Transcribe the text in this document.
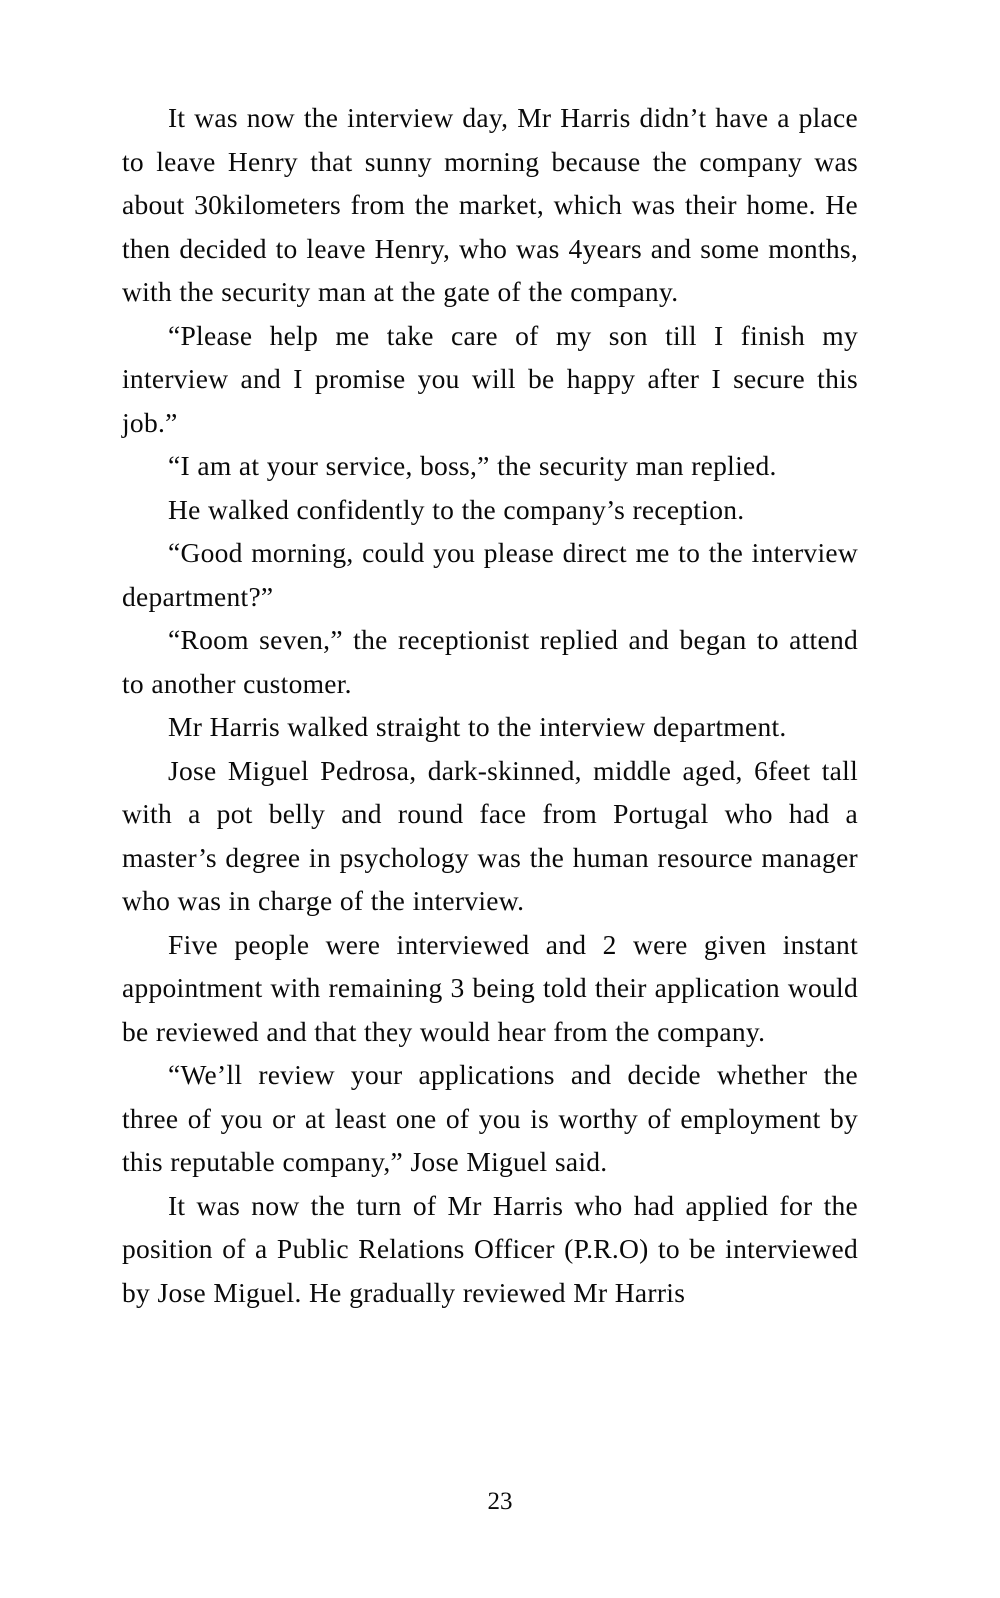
It was now the interview day, Mr Harris didn’t have a place to leave Henry that sunny morning because the company was about 30kilometers from the market, which was their home. He then decided to leave Henry, who was 4years and some months, with the security man at the gate of the company.

“Please help me take care of my son till I finish my interview and I promise you will be happy after I secure this job.”

“I am at your service, boss,” the security man replied.

He walked confidently to the company’s reception.

“Good morning, could you please direct me to the interview department?”

“Room seven,” the receptionist replied and began to attend to another customer.

Mr Harris walked straight to the interview department.

Jose Miguel Pedrosa, dark-skinned, middle aged, 6feet tall with a pot belly and round face from Portugal who had a master’s degree in psychology was the human resource manager who was in charge of the interview.

Five people were interviewed and 2 were given instant appointment with remaining 3 being told their application would be reviewed and that they would hear from the company.

“We’ll review your applications and decide whether the three of you or at least one of you is worthy of employment by this reputable company,” Jose Miguel said.

It was now the turn of Mr Harris who had applied for the position of a Public Relations Officer (P.R.O) to be interviewed by Jose Miguel. He gradually reviewed Mr Harris

23
